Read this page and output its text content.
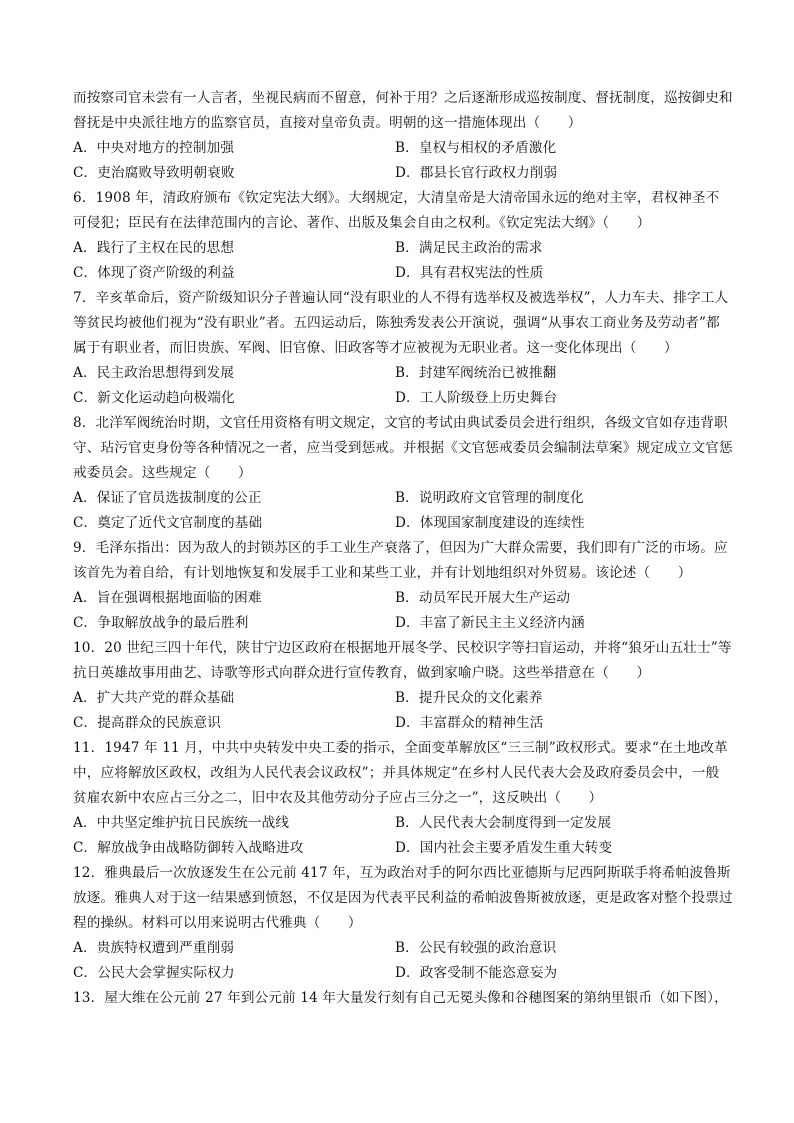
而按察司官未尝有一人言者，坐视民病而不留意，何补于用？之后逐渐形成巡按制度、督抚制度，巡按御史和督抚是中央派往地方的监察官员，直接对皇帝负责。明朝的这一措施体现出（　　）

A．中央对地方的控制加强	B．皇权与相权的矛盾激化

C．吏治腐败导致明朝衰败	D．郡县长官行政权力削弱

6．1908 年，清政府颁布《钦定宪法大纲》。大纲规定，大清皇帝是大清帝国永远的绝对主宰，君权神圣不可侵犯；臣民有在法律范围内的言论、著作、出版及集会自由之权利。《钦定宪法大纲》（　　）

A．践行了主权在民的思想	B．满足民主政治的需求

C．体现了资产阶级的利益	D．具有君权宪法的性质

7．辛亥革命后，资产阶级知识分子普遍认同“没有职业的人不得有选举权及被选举权”，人力车夫、排字工人等贫民均被他们视为“没有职业”者。五四运动后，陈独秀发表公开演说，强调“从事农工商业务及劳动者”都属于有职业者，而旧贵族、军阀、旧官僚、旧政客等才应被视为无职业者。这一变化体现出（　　）

A．民主政治思想得到发展	B．封建军阀统治已被推翻

C．新文化运动趋向极端化	D．工人阶级登上历史舞台

8．北洋军阀统治时期，文官任用资格有明文规定，文官的考试由典试委员会进行组织，各级文官如存违背职守、玷污官吏身份等各种情况之一者，应当受到惩戒。并根据《文官惩戒委员会编制法草案》规定成立文官惩戒委员会。这些规定（　　）

A．保证了官员选拔制度的公正	B．说明政府文官管理的制度化

C．奠定了近代文官制度的基础	D．体现国家制度建设的连续性

9．毛泽东指出：因为敌人的封锁苏区的手工业生产衰落了，但因为广大群众需要，我们即有广泛的市场。应该首先为着自给，有计划地恢复和发展手工业和某些工业，并有计划地组织对外贸易。该论述（　　）

A．旨在强调根据地面临的困难	B．动员军民开展大生产运动

C．争取解放战争的最后胜利	D．丰富了新民主主义经济内涵

10．20 世纪三四十年代，陕甘宁边区政府在根据地开展冬学、民校识字等扫盲运动，并将“狼牙山五壮士”等抗日英雄故事用曲艺、诗歌等形式向群众进行宣传教育，做到家喻户晓。这些举措意在（　　）

A．扩大共产党的群众基础	B．提升民众的文化素养

C．提高群众的民族意识	D．丰富群众的精神生活

11．1947 年 11 月，中共中央转发中央工委的指示，全面变革解放区“三三制”政权形式。要求“在土地改革中，应将解放区政权，改组为人民代表会议政权”；并具体规定“在乡村人民代表大会及政府委员会中，一般贫雇农新中农应占三分之二，旧中农及其他劳动分子应占三分之一”，这反映出（　　）

A．中共坚定维护抗日民族统一战线	B．人民代表大会制度得到一定发展

C．解放战争由战略防御转入战略进攻	D．国内社会主要矛盾发生重大转变

12．雅典最后一次放逐发生在公元前 417 年，互为政治对手的阿尔西比亚德斯与尼西阿斯联手将希帕波鲁斯放逐。雅典人对于这一结果感到愤怒，不仅是因为代表平民利益的希帕波鲁斯被放逐，更是政客对整个投票过程的操纵。材料可以用来说明古代雅典（　　）

A．贵族特权遭到严重削弱	B．公民有较强的政治意识

C．公民大会掌握实际权力	D．政客受制不能恣意妄为

13．屋大维在公元前 27 年到公元前 14 年大量发行刻有自己无冕头像和谷穗图案的第纳里银币（如下图），
